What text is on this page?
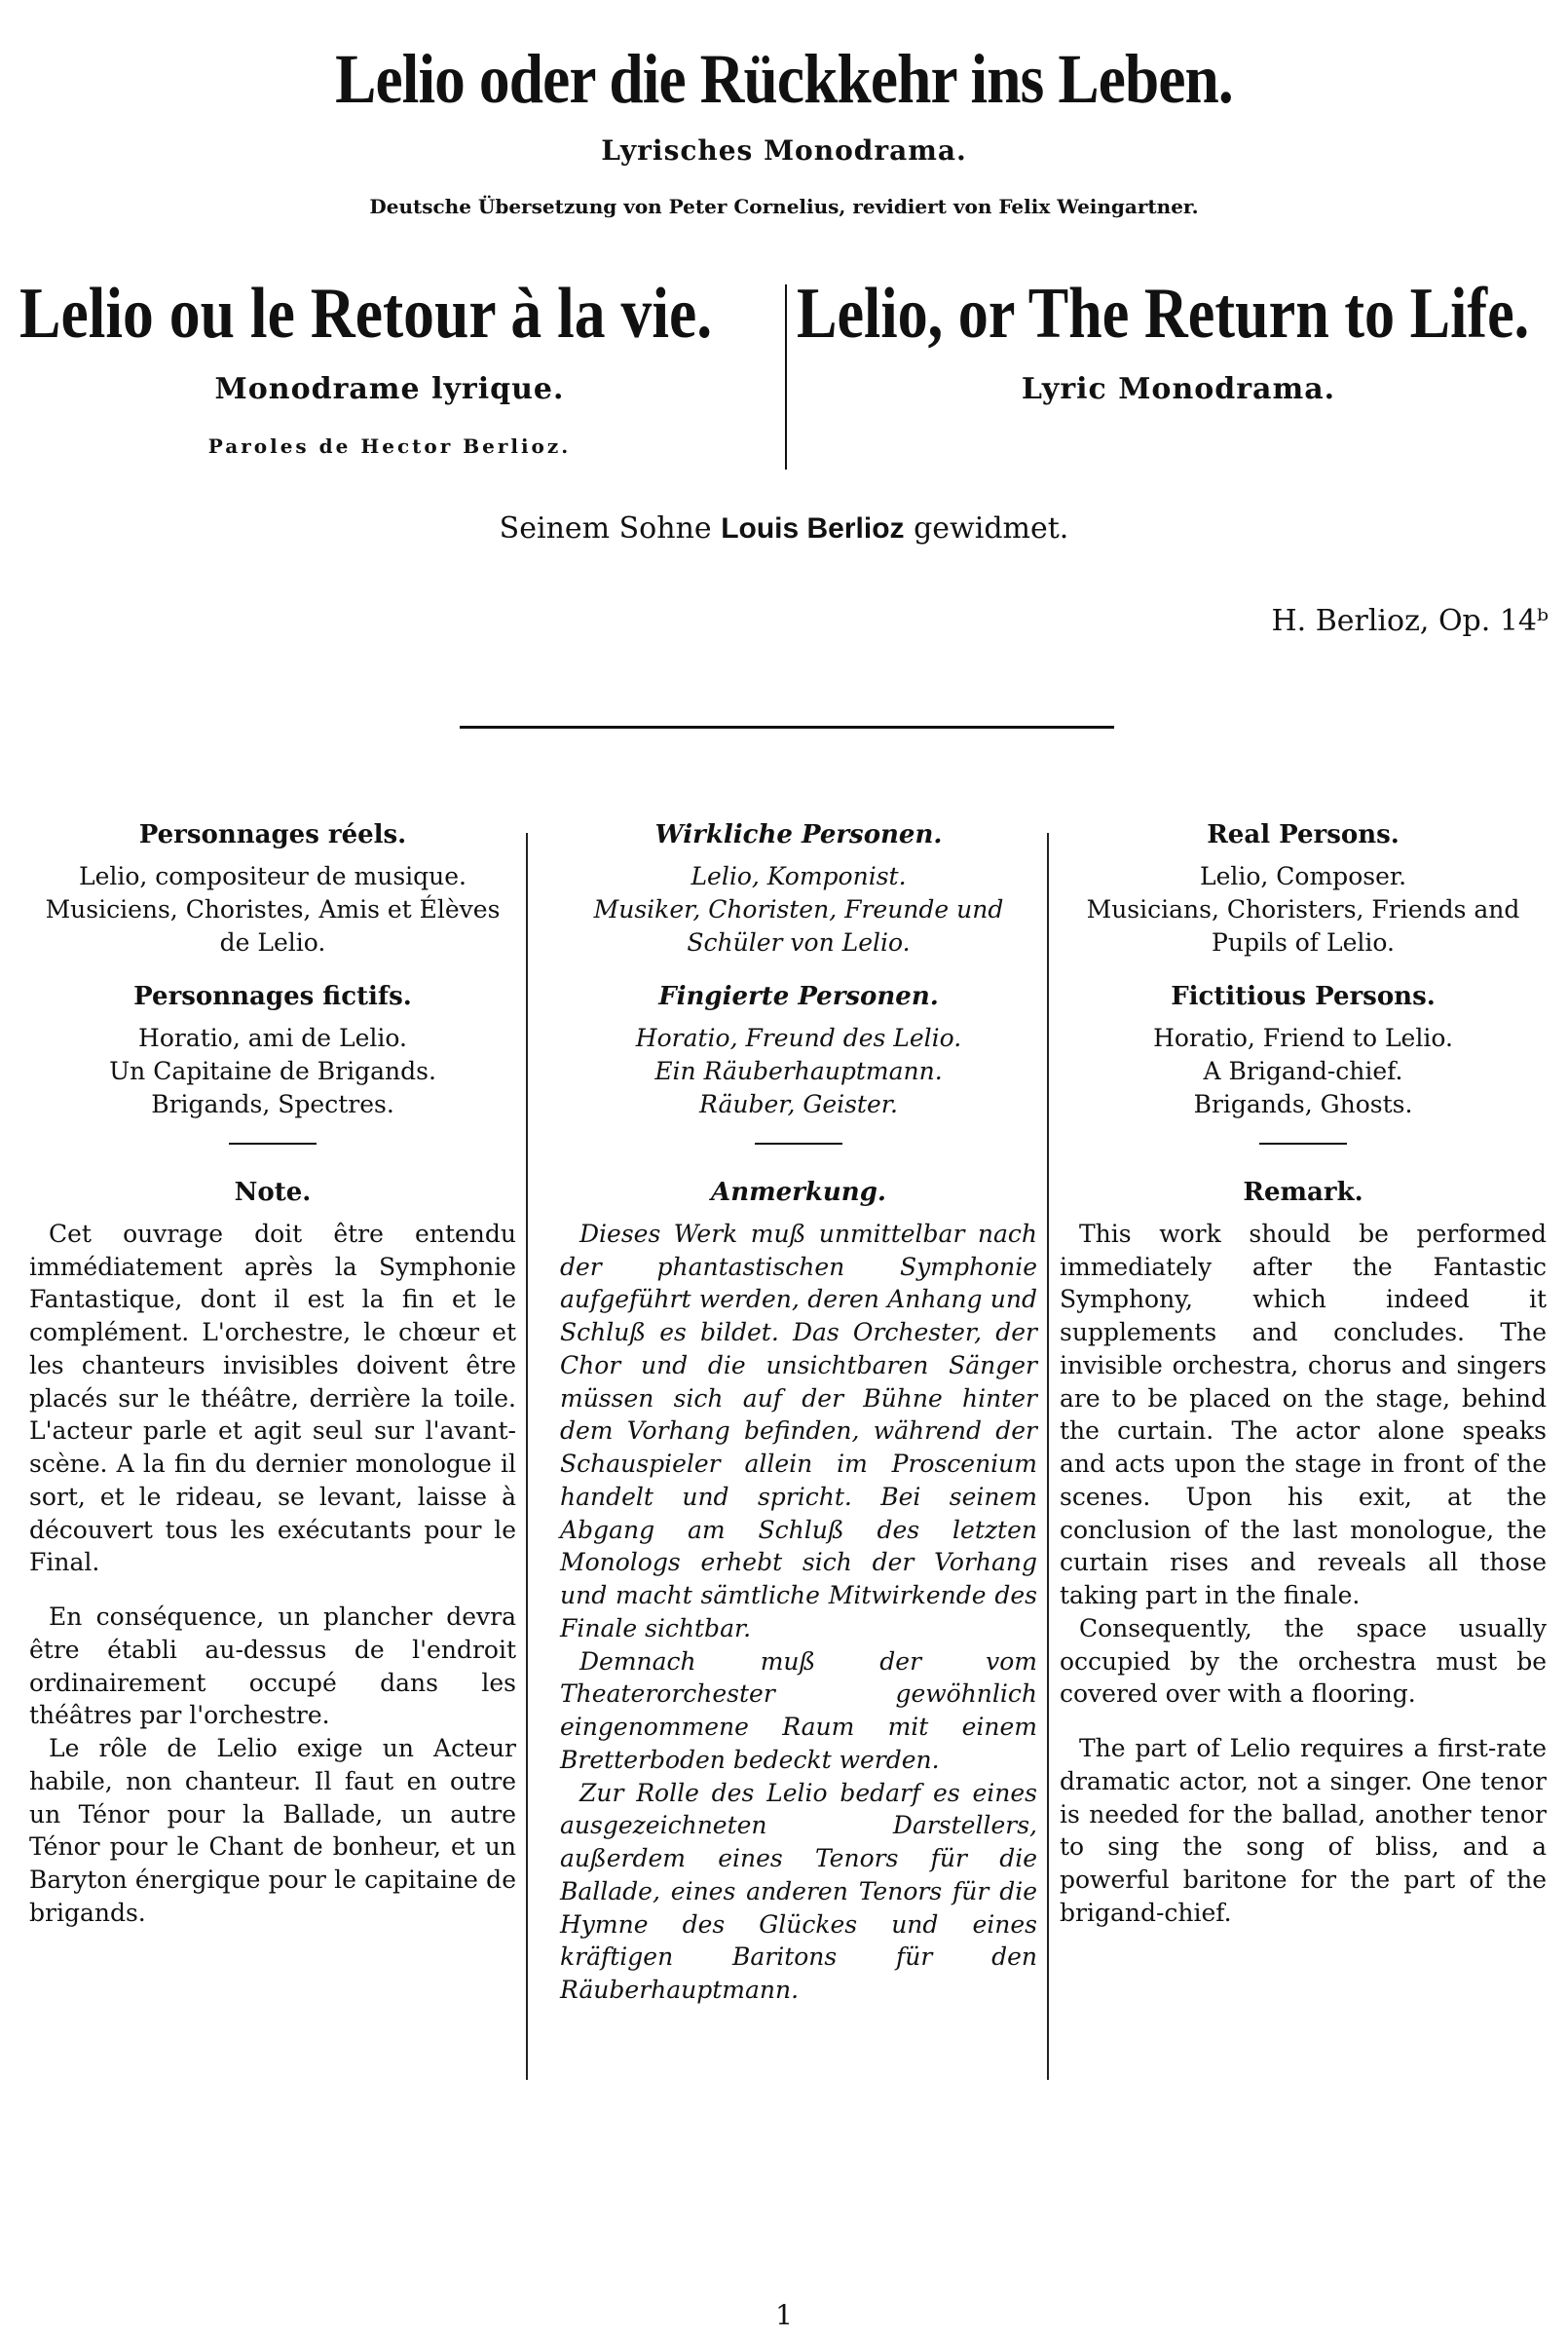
Lelio oder die Rückkehr ins Leben.
Lyrisches Monodrama.
Deutsche Übersetzung von Peter Cornelius, revidiert von Felix Weingartner.
Lelio ou le Retour à la vie. Lelio, or The Return to Life.
Monodrame lyrique.	Lyric Monodrama.
Paroles de Hector Berlioz.
Seinem Sohne Louis Berlioz gewidmet.
H. Berlioz, Op. 14ᵇ

Personnages réels.

Lelio, compositeur de musique.

Musiciens, Choristes, Amis et Élèves de Lelio.

Personnages fictifs.

Horatio, ami de Lelio.

Un Capitaine de Brigands.

Brigands, Spectres.

Note.

Cet ouvrage doit être entendu immédiatement après la Symphonie Fantastique, dont il est la fin et le complément. L'orchestre, le chœur et les chanteurs invisibles doivent être placés sur le théâtre, derrière la toile. L'acteur parle et agit seul sur l'avant-scène. A la fin du dernier monologue il sort, et le rideau, se levant, laisse à découvert tous les exécutants pour le Final.

En conséquence, un plancher devra être établi au-dessus de l'endroit ordinairement occupé dans les théâtres par l'orchestre.

Le rôle de Lelio exige un Acteur habile, non chanteur. Il faut en outre un Ténor pour la Ballade, un autre Ténor pour le Chant de bonheur, et un Baryton énergique pour le capitaine de brigands.

Wirkliche Personen.

Lelio, Komponist.

Musiker, Choristen, Freunde und Schüler von Lelio.

Fingierte Personen.

Horatio, Freund des Lelio.

Ein Räuberhauptmann.

Räuber, Geister.

Anmerkung.

Dieses Werk muß unmittelbar nach der phantastischen Symphonie aufgeführt werden, deren Anhang und Schluß es bildet. Das Orchester, der Chor und die unsichtbaren Sänger müssen sich auf der Bühne hinter dem Vorhang befinden, während der Schauspieler allein im Proscenium handelt und spricht. Bei seinem Abgang am Schluß des letzten Monologs erhebt sich der Vorhang und macht sämtliche Mitwirkende des Finale sichtbar.

Demnach muß der vom Theaterorchester gewöhnlich eingenommene Raum mit einem Bretterboden bedeckt werden.

Zur Rolle des Lelio bedarf es eines ausgezeichneten Darstellers, außerdem eines Tenors für die Ballade, eines anderen Tenors für die Hymne des Glückes und eines kräftigen Baritons für den Räuberhauptmann.

Real Persons.

Lelio, Composer.

Musicians, Choristers, Friends and Pupils of Lelio.

Fictitious Persons.

Horatio, Friend to Lelio.

A Brigand-chief.

Brigands, Ghosts.

Remark.

This work should be performed immediately after the Fantastic Symphony, which indeed it supplements and concludes. The invisible orchestra, chorus and singers are to be placed on the stage, behind the curtain. The actor alone speaks and acts upon the stage in front of the scenes. Upon his exit, at the conclusion of the last monologue, the curtain rises and reveals all those taking part in the finale.

Consequently, the space usually occupied by the orchestra must be covered over with a flooring.

The part of Lelio requires a first-rate dramatic actor, not a singer. One tenor is needed for the ballad, another tenor to sing the song of bliss, and a powerful baritone for the part of the brigand-chief.

1
